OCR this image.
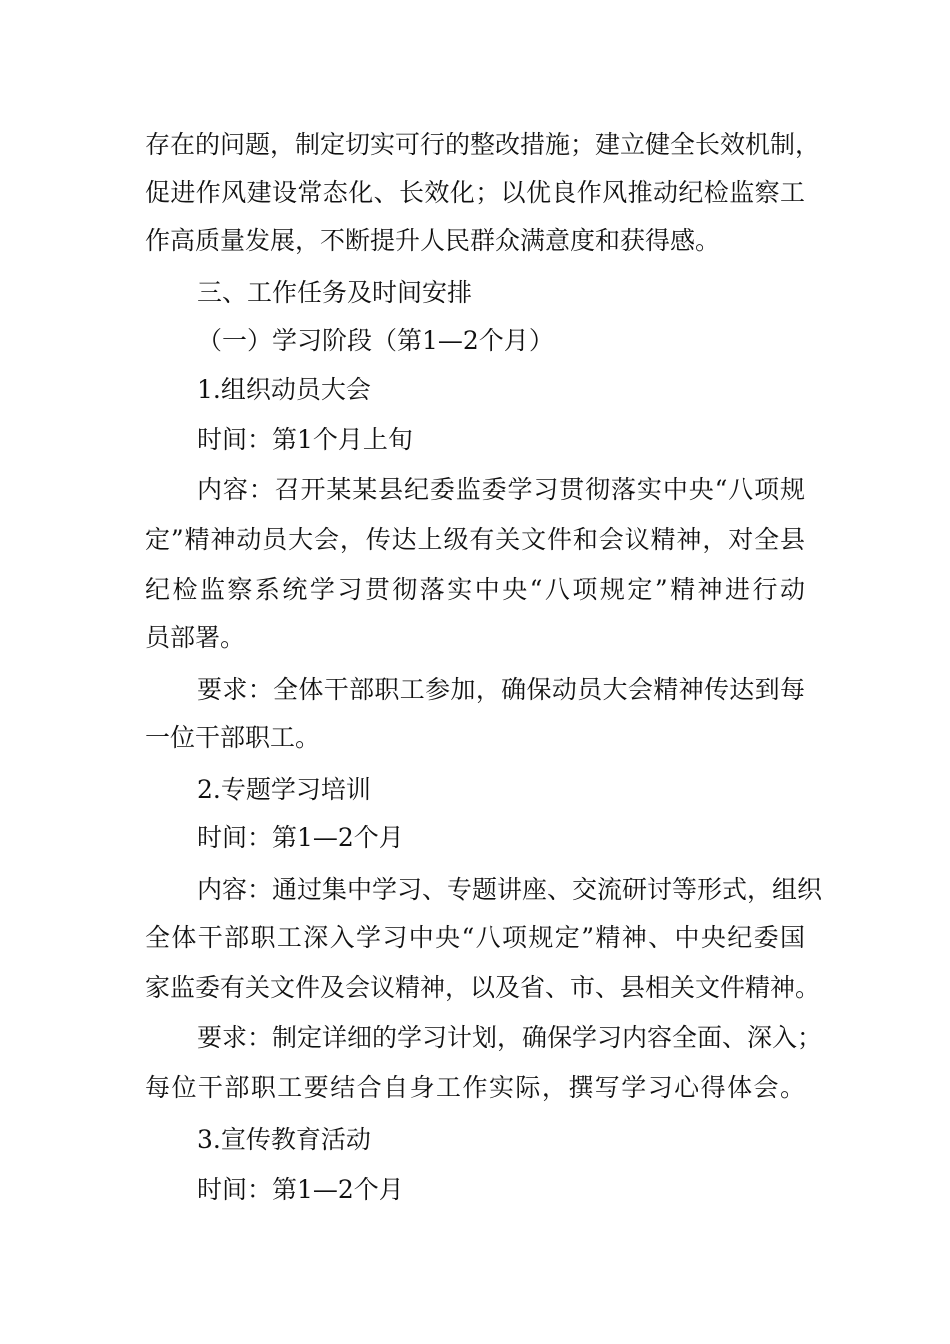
存在的问题，制定切实可行的整改措施；建立健全长效机制，
促进作风建设常态化、长效化；以优良作风推动纪检监察工
作高质量发展，不断提升人民群众满意度和获得感。
三、工作任务及时间安排
（一）学习阶段（第1—2个月）
1.组织动员大会
时间：第1个月上旬
内容：召开某某县纪委监委学习贯彻落实中央“八项规
定”精神动员大会，传达上级有关文件和会议精神，对全县
纪检监察系统学习贯彻落实中央“八项规定”精神进行动
员部署。
要求：全体干部职工参加，确保动员大会精神传达到每
一位干部职工。
2.专题学习培训
时间：第1—2个月
内容：通过集中学习、专题讲座、交流研讨等形式，组织
全体干部职工深入学习中央“八项规定”精神、中央纪委国
家监委有关文件及会议精神，以及省、市、县相关文件精神。
要求：制定详细的学习计划，确保学习内容全面、深入；
每位干部职工要结合自身工作实际，撰写学习心得体会。
3.宣传教育活动
时间：第1—2个月
